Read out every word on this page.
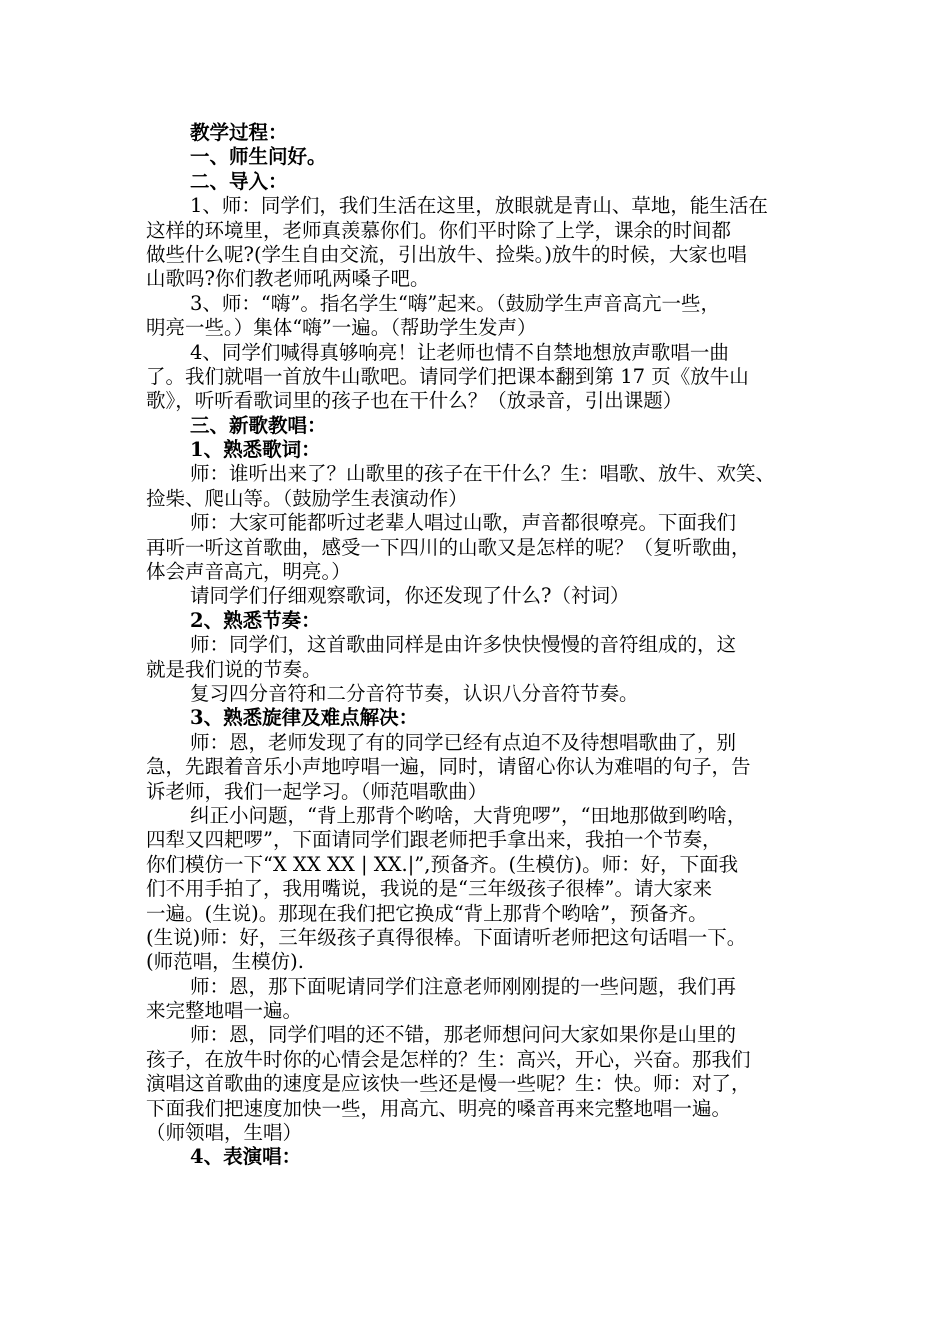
教学过程：
一、师生问好。
二、导入：
1、师：同学们，我们生活在这里，放眼就是青山、草地，能生活在
这样的环境里，老师真羡慕你们。你们平时除了上学，课余的时间都
做些什么呢?(学生自由交流，引出放牛、捡柴。)放牛的时候，大家也唱
山歌吗?你们教老师吼两嗓子吧。
3、师：“嗨”。指名学生“嗨”起来。（鼓励学生声音高亢一些，
明亮一些。）集体“嗨”一遍。（帮助学生发声）
4、同学们喊得真够响亮！让老师也情不自禁地想放声歌唱一曲
了。我们就唱一首放牛山歌吧。请同学们把课本翻到第 17 页《放牛山
歌》，听听看歌词里的孩子也在干什么？（放录音，引出课题）
三、新歌教唱：
1、熟悉歌词：
师：谁听出来了？山歌里的孩子在干什么？生：唱歌、放牛、欢笑、
捡柴、爬山等。（鼓励学生表演动作）
师：大家可能都听过老辈人唱过山歌，声音都很嘹亮。下面我们
再听一听这首歌曲，感受一下四川的山歌又是怎样的呢？（复听歌曲，
体会声音高亢，明亮。）
请同学们仔细观察歌词，你还发现了什么?（衬词）
2、熟悉节奏：
师：同学们，这首歌曲同样是由许多快快慢慢的音符组成的，这
就是我们说的节奏。
复习四分音符和二分音符节奏，认识八分音符节奏。
3、熟悉旋律及难点解决：
师：恩，老师发现了有的同学已经有点迫不及待想唱歌曲了，别
急，先跟着音乐小声地哼唱一遍，同时，请留心你认为难唱的句子，告
诉老师，我们一起学习。（师范唱歌曲）
纠正小问题，“背上那背个哟啥，大背兜啰”，“田地那做到哟啥，
四犁又四耙啰”，下面请同学们跟老师把手拿出来，我拍一个节奏，
你们模仿一下“X XX XX | XX.|”,预备齐。(生模仿)。师：好，下面我
们不用手拍了，我用嘴说，我说的是“三年级孩子很棒”。请大家来
一遍。(生说)。那现在我们把它换成“背上那背个哟啥”，预备齐。
(生说)师：好，三年级孩子真得很棒。下面请听老师把这句话唱一下。
(师范唱，生模仿).
师：恩，那下面呢请同学们注意老师刚刚提的一些问题，我们再
来完整地唱一遍。
师：恩，同学们唱的还不错，那老师想问问大家如果你是山里的
孩子，在放牛时你的心情会是怎样的？生：高兴，开心，兴奋。那我们
演唱这首歌曲的速度是应该快一些还是慢一些呢？生：快。师：对了，
下面我们把速度加快一些，用高亢、明亮的嗓音再来完整地唱一遍。
（师领唱，生唱）
4、表演唱：
